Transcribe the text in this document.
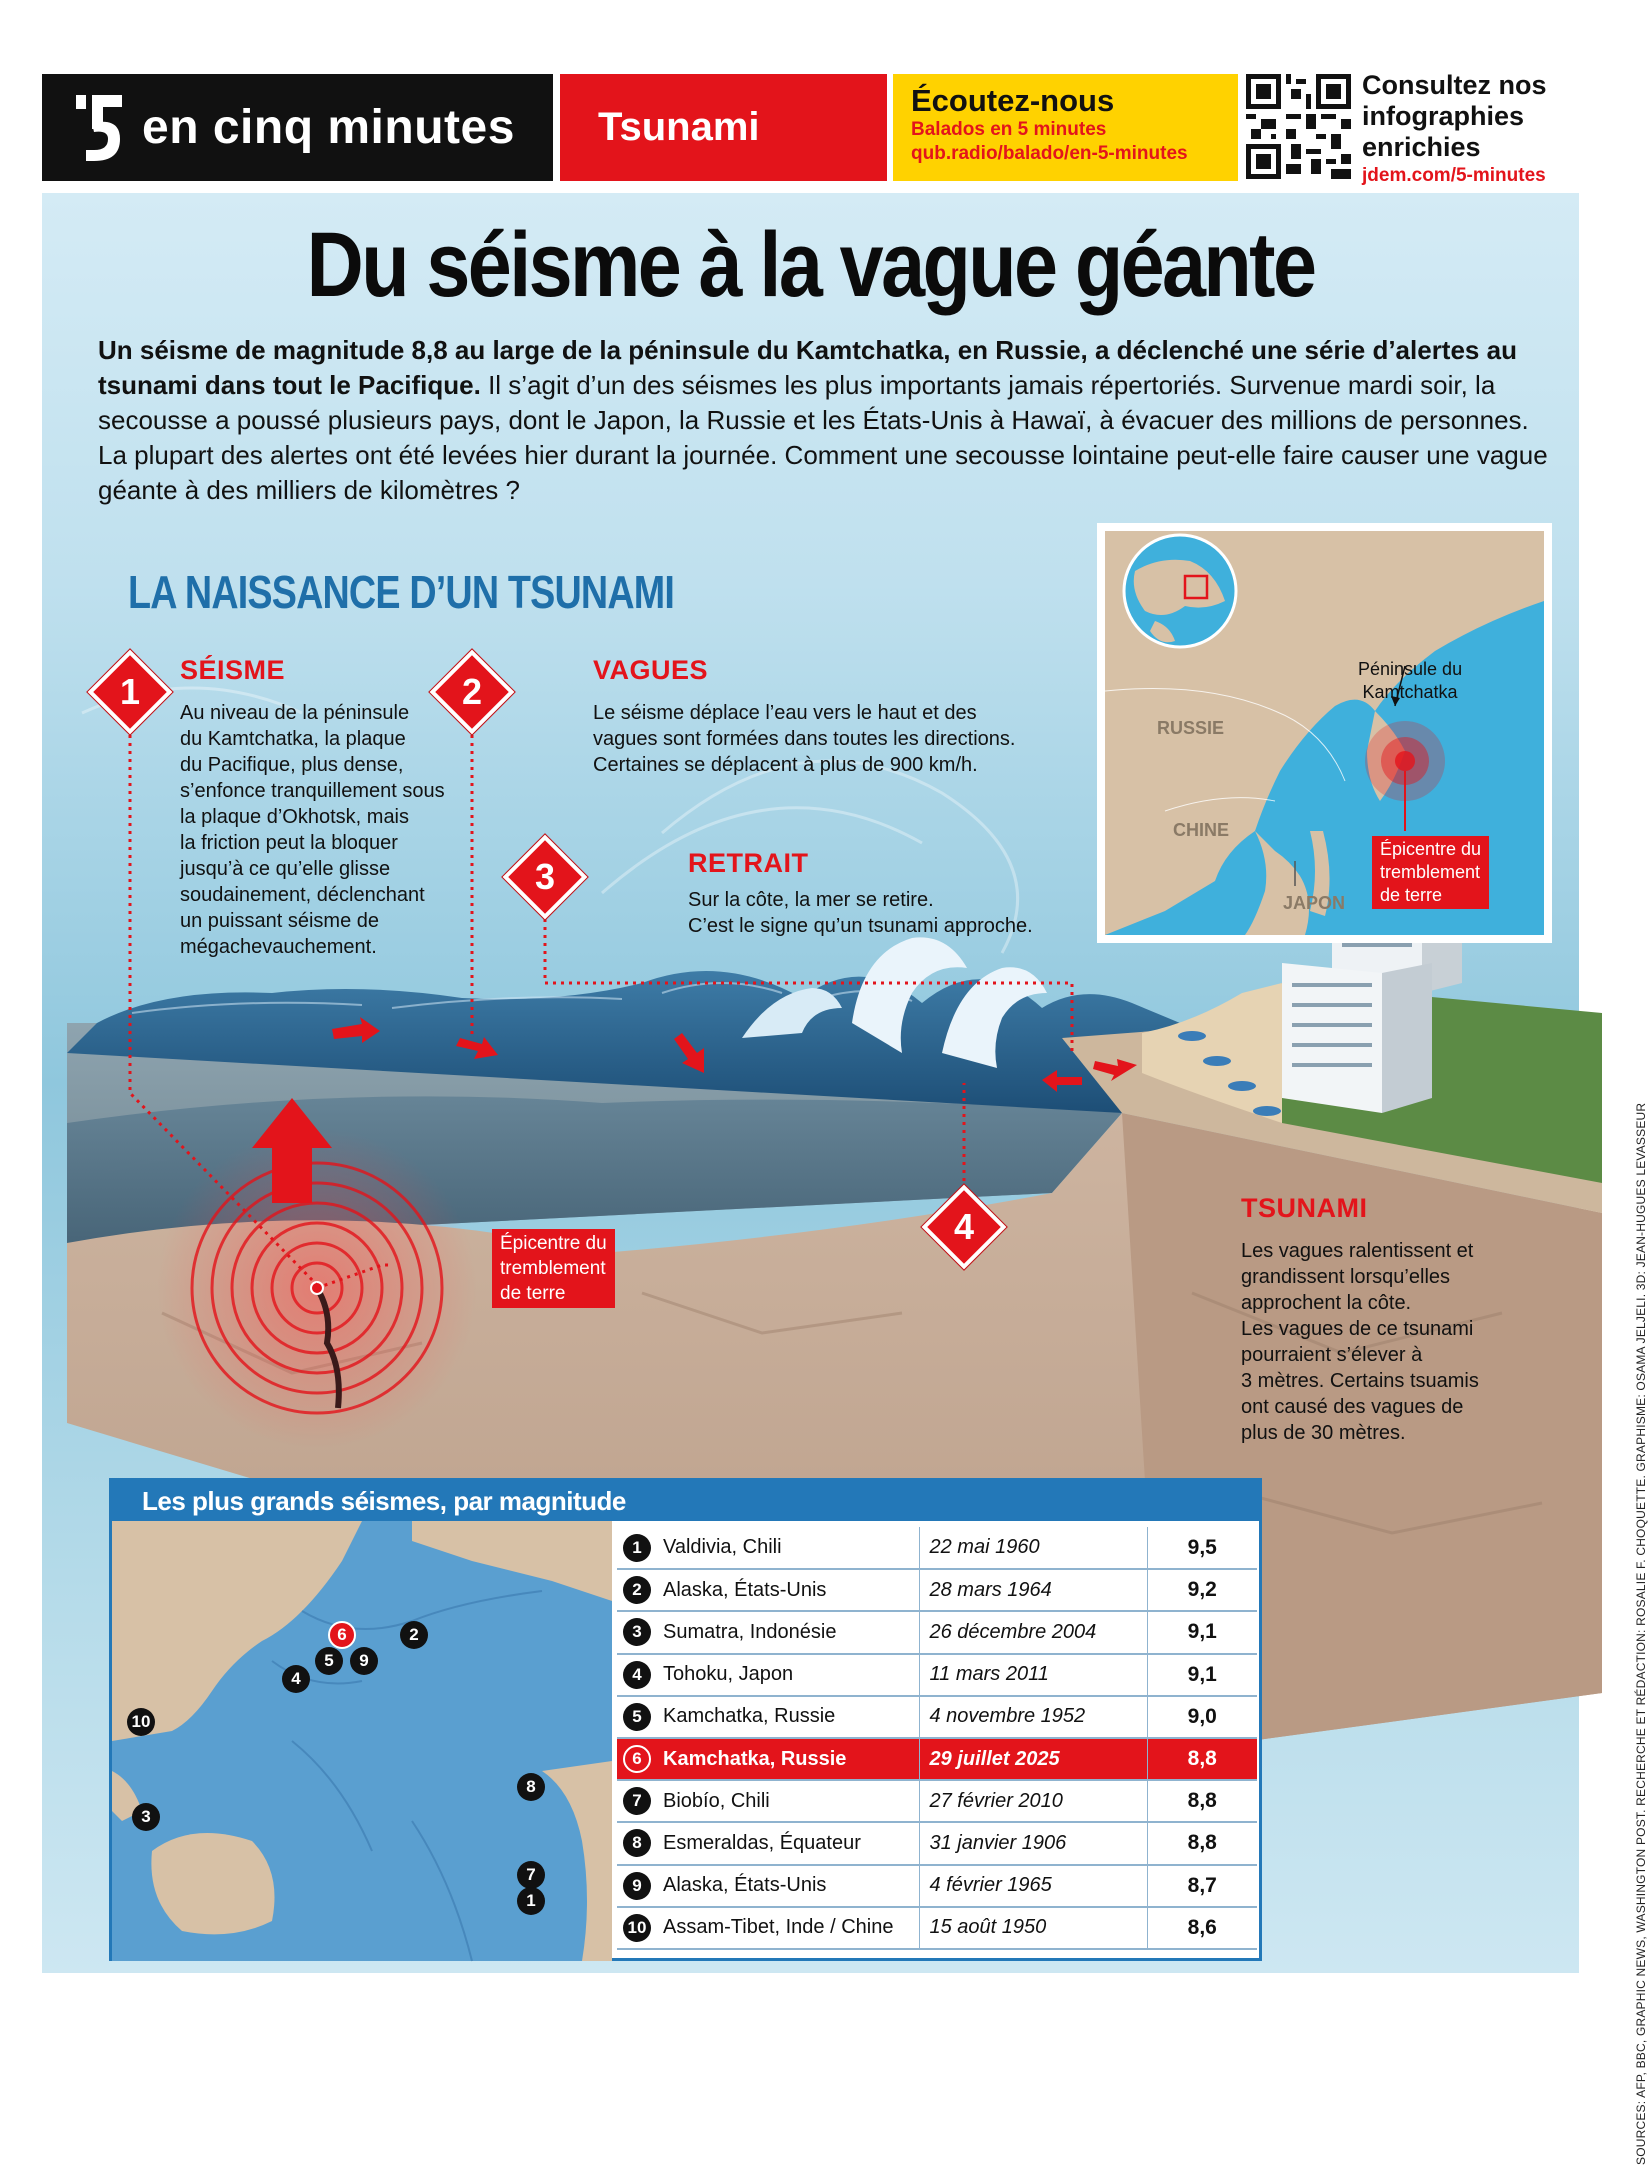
en cinq minutes	Tsunami
Écoutez-nous
Balados en 5 minutes
qub.radio/balado/en-5-minutes
Consultez nos
infographies
enrichies
jdem.com/5-minutes
Du séisme à la vague géante
Un séisme de magnitude 8,8 au large de la péninsule du Kamtchatka, en Russie, a déclenché une série d’alertes au tsunami dans tout le Pacifique. Il s’agit d’un des séismes les plus importants jamais répertoriés. Survenue mardi soir, la secousse a poussé plusieurs pays, dont le Japon, la Russie et les États-Unis à Hawaï, à évacuer des millions de personnes. La plupart des alertes ont été levées hier durant la journée. Comment une secousse lointaine peut-elle faire causer une vague géante à des milliers de kilomètres ?
LA NAISSANCE D’UN TSUNAMI
1	2
3
4
SÉISME
Au niveau de la péninsule
du Kamtchatka, la plaque
du Pacifique, plus dense,
s’enfonce tranquillement sous
la plaque d’Okhotsk, mais
la friction peut la bloquer
jusqu’à ce qu’elle glisse
soudainement, déclenchant
un puissant séisme de
mégachevauchement.
VAGUES
Le séisme déplace l’eau vers le haut et des
vagues sont formées dans toutes les directions.
Certaines se déplacent à plus de 900 km/h.
RETRAIT
Sur la côte, la mer se retire.
C’est le signe qu’un tsunami approche.
TSUNAMI
Les vagues ralentissent et
grandissent lorsqu’elles
approchent la côte.
Les vagues de ce tsunami
pourraient s’élever à
3 mètres. Certains tsuamis
ont causé des vagues de
plus de 30 mètres.
Épicentre du
tremblement
de terre
Péninsule du
Kamtchatka
RUSSIE
CHINE
JAPON
Épicentre du
tremblement
de terre
Les plus grands séismes, par magnitude
6
5	9
4
2
10
3
8
7
1
1	Valdivia, Chili	22 mai 1960	9,5
2	Alaska, États-Unis	28 mars 1964	9,2
3	Sumatra, Indonésie	26 décembre 2004	9,1
4	Tohoku, Japon	11 mars 2011	9,1
5	Kamchatka, Russie	4 novembre 1952	9,0
6	Kamchatka, Russie	29 juillet 2025	8,8
7	Biobío, Chili	27 février 2010	8,8
8	Esmeraldas, Équateur	31 janvier 1906	8,8
9	Alaska, États-Unis	4 février 1965	8,7
10	Assam-Tibet, Inde / Chine	15 août 1950	8,6	SOURCES: AFP, BBC, GRAPHIC NEWS, WASHINGTON POST. RECHERCHE ET RÉDACTION: ROSALIE F. CHOQUETTE. GRAPHISME: OSAMA JELJELI. 3D: JEAN-HUGUES LEVASSEUR
